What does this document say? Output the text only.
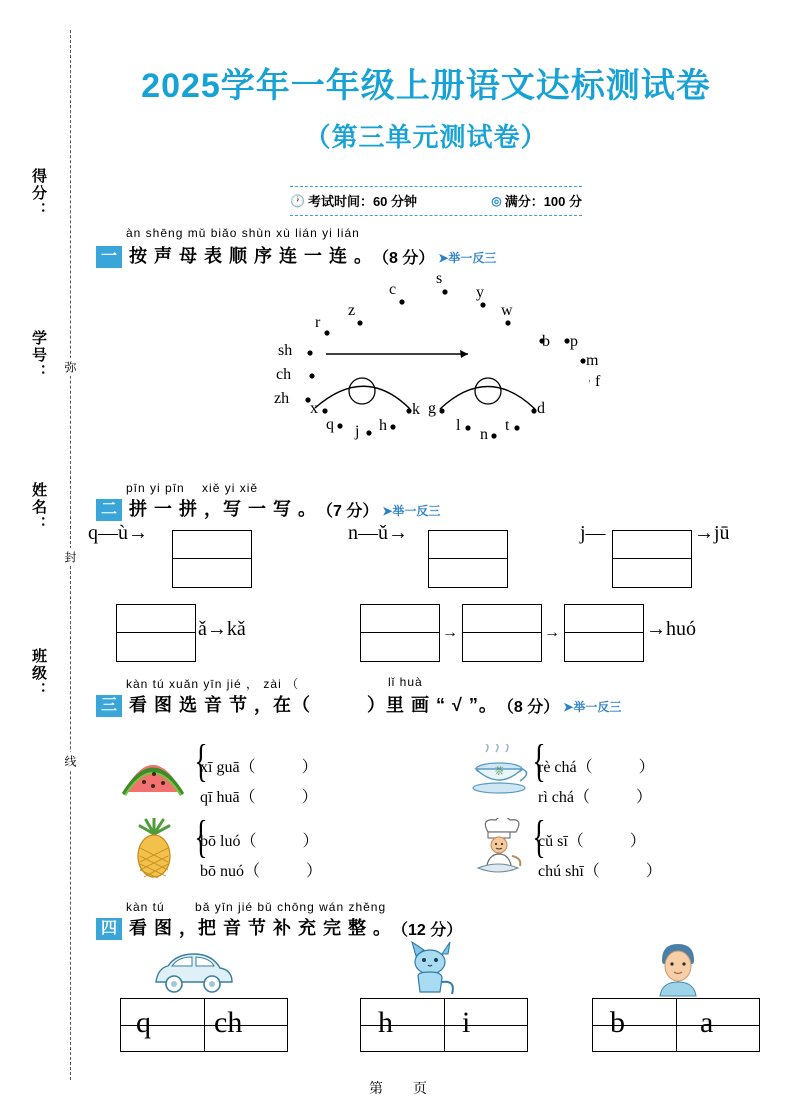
得分：
学号：
姓名：
班级：
弥
封
线
2025学年一年级上册语文达标测试卷
（第三单元测试卷）
🕐 考试时间：60 分钟	◎ 满分：100 分
àn shēng mǔ biǎo shùn xù lián yi lián
一 按 声 母 表 顺 序 连 一 连 。 （8 分） ➤举一反三
s
c	y
z	w
r
b p
sh
m
ch	f
zh
x	k g	d
q j h	l
n
t
pīn yi pīn　 xiě yi xiě
二 拼 一 拼 ，写 一 写 。 （7 分） ➤举一反三
q—ù→	n—ǔ→	j—	→jū
ǎ→kǎ	→	→	→huó
kàn tú xuǎn yīn jié ， zài （	lǐ huà
三 看 图 选 音 节 ，在（	）里 画 “ √ ”。 （8 分） ➤举一反三
{
xī guā（	）
qī huā（	）
茶 {
rè chá（	）
rì chá（	）
{
bō luó（	）
bō nuó（	）
{
cǔ sī（	）
chú shī（	）
kàn tú 　　bǎ yīn jié bǔ chōng wán zhěng
四 看 图 ，把 音 节 补 充 完 整 。 （12 分）
q ch	h i	b	a
第　 页
